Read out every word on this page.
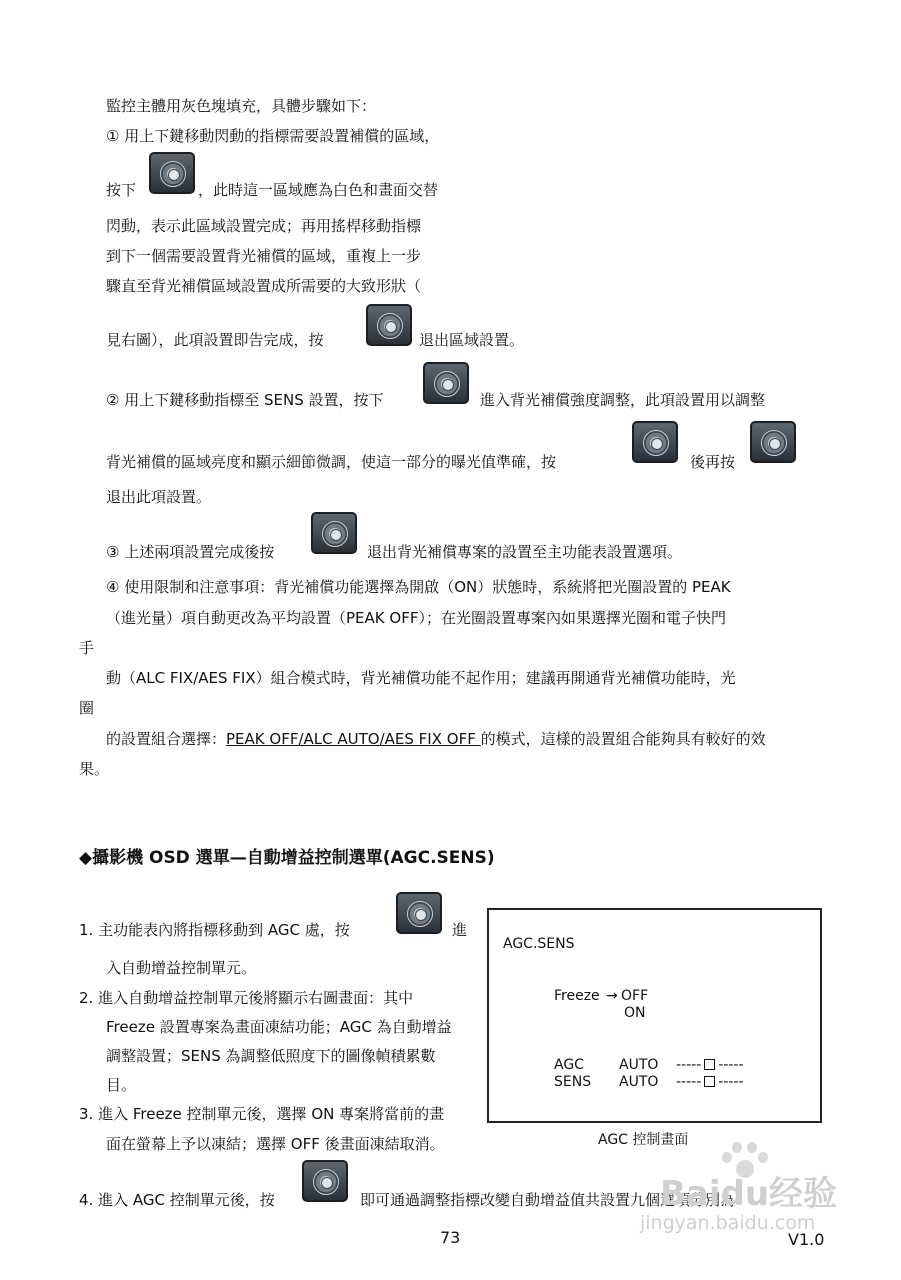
監控主體用灰色塊填充，具體步驟如下：
① 用上下鍵移動閃動的指標需要設置補償的區域，
按下	，此時這一區域應為白色和畫面交替
閃動，表示此區域設置完成；再用搖桿移動指標
到下一個需要設置背光補償的區域，重複上一步
驟直至背光補償區域設置成所需要的大致形狀（
見右圖），此項設置即告完成，按	退出區域設置。
② 用上下鍵移動指標至 SENS 設置，按下	進入背光補償強度調整，此項設置用以調整
背光補償的區域亮度和顯示細節微調，使這一部分的曝光值準確，按	後再按
退出此項設置。
③ 上述兩項設置完成後按	退出背光補償專案的設置至主功能表設置選項。
④ 使用限制和注意事項：背光補償功能選擇為開啟（ON）狀態時，系統將把光圈設置的 PEAK
（進光量）項自動更改為平均設置（PEAK OFF）；在光圈設置專案內如果選擇光圈和電子快門
手
動（ALC FIX/AES FIX）組合模式時，背光補償功能不起作用；建議再開通背光補償功能時，光
圈
的設置組合選擇：PEAK OFF/ALC AUTO/AES FIX OFF 的模式，這樣的設置組合能夠具有較好的效
果。
◆攝影機 OSD 選單—自動增益控制選單(AGC.SENS)
1. 主功能表內將指標移動到 AGC 處，按	進
入自動增益控制單元。
2. 進入自動增益控制單元後將顯示右圖畫面：其中
Freeze 設置專案為畫面凍結功能；AGC 為自動增益
調整設置；SENS 為調整低照度下的圖像幀積累數
目。
3. 進入 Freeze 控制單元後，選擇 ON 專案將當前的畫
面在螢幕上予以凍結；選擇 OFF 後畫面凍結取消。
4. 進入 AGC 控制單元後，按	即可通過調整指標改變自動增益值共設置九個選項分別為
AGC.SENS
Freeze → OFF
ON
AGC	AUTO ----- -----
SENS AUTO ----- -----
AGC 控制畫面
Baidu经验
jingyan.baidu.com
73	V1.0
